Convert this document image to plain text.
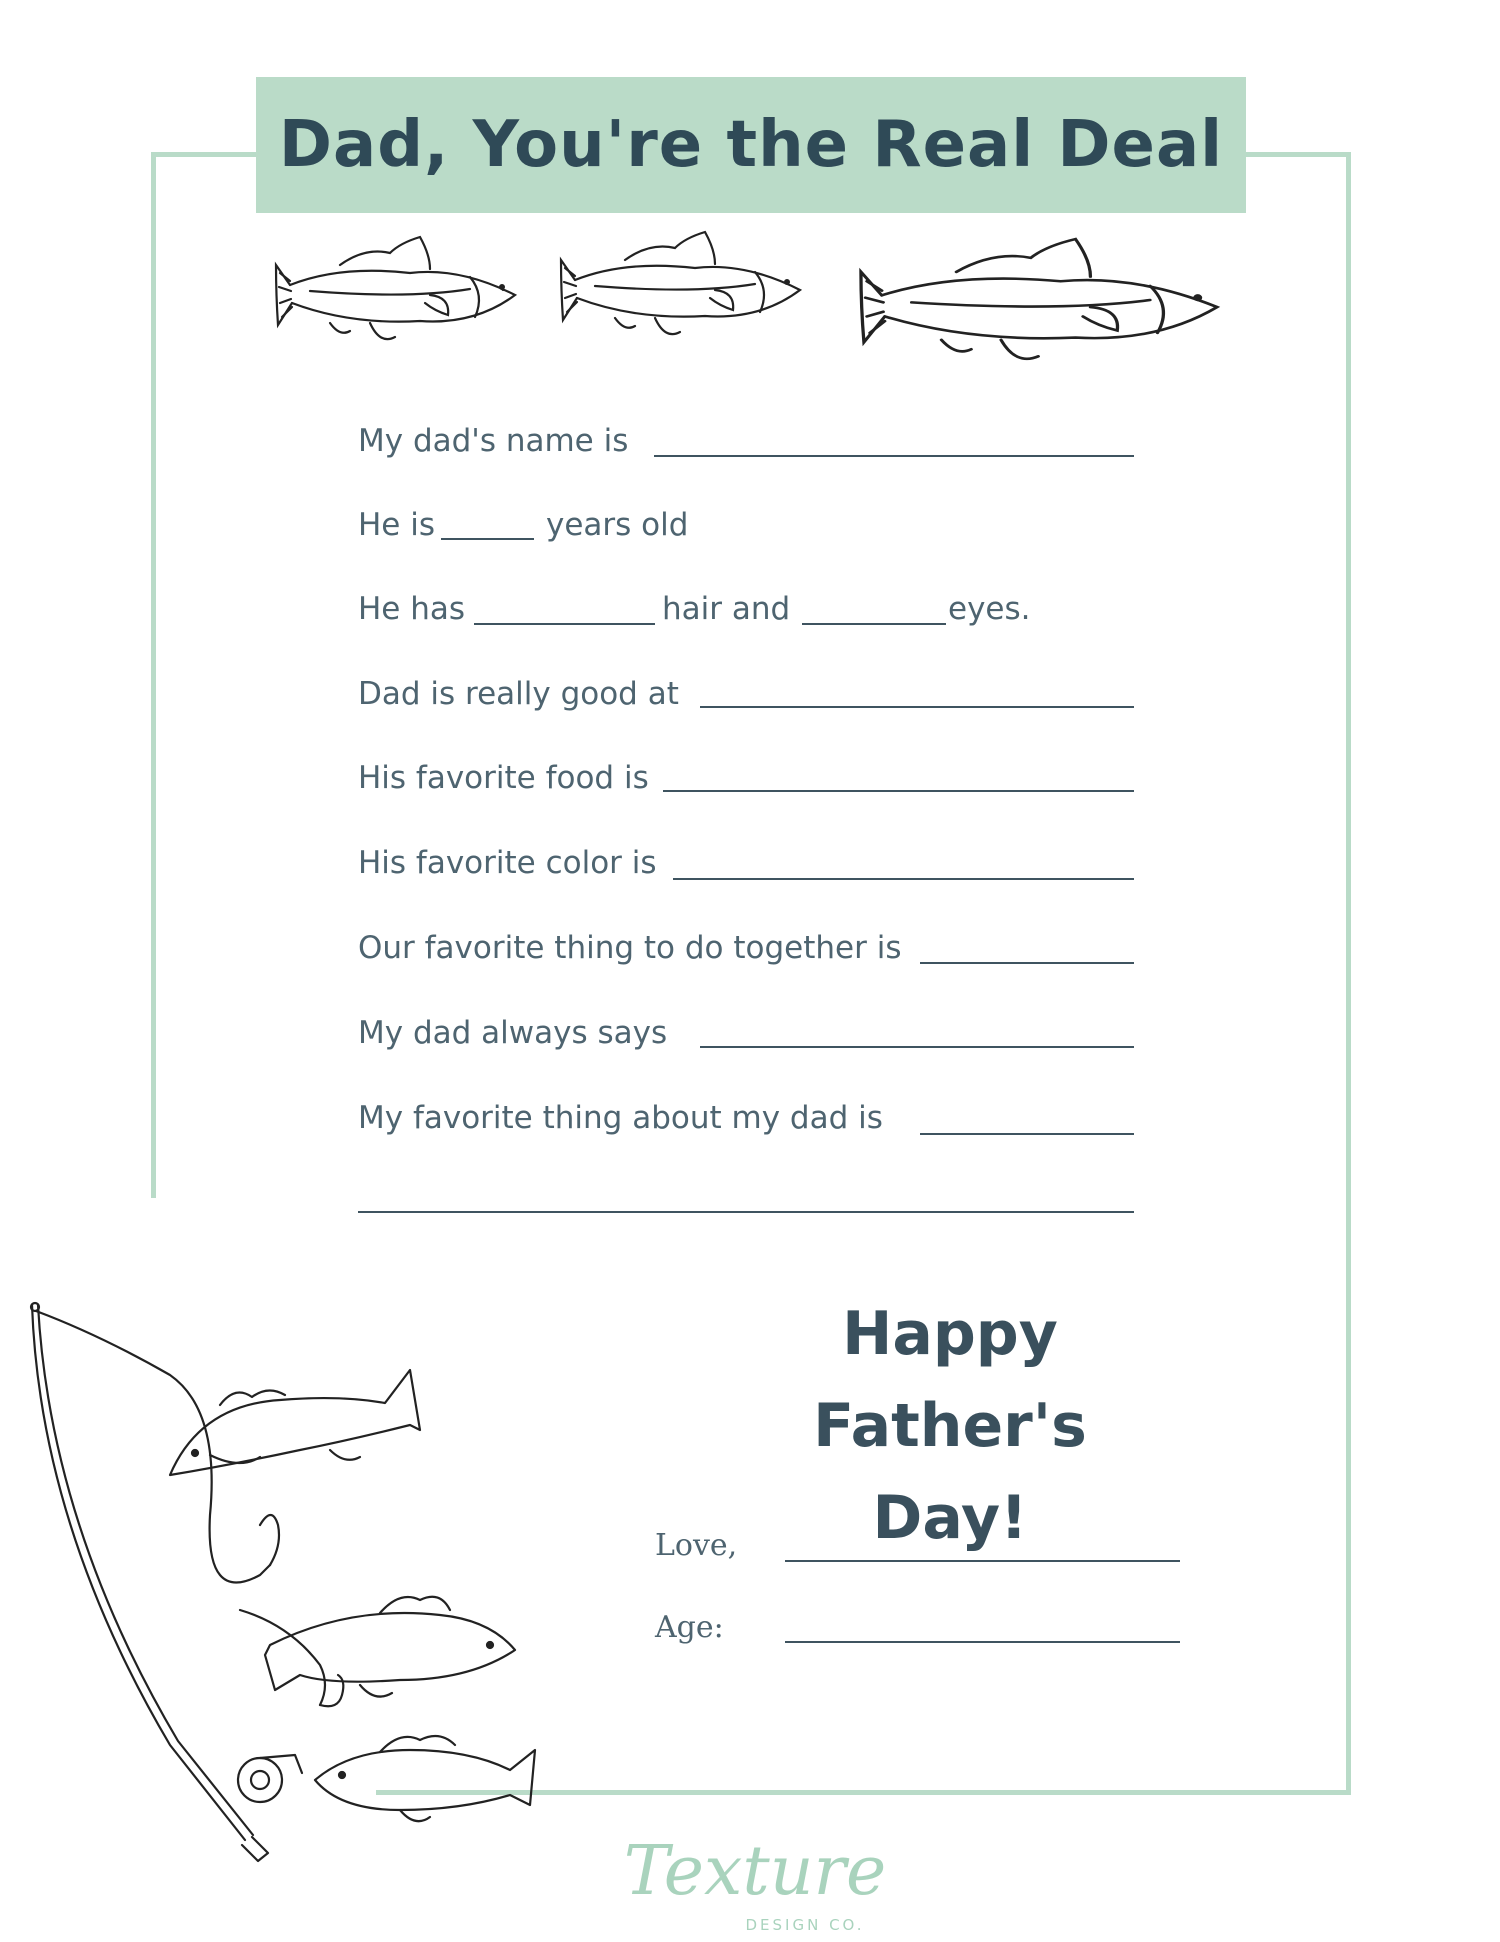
Dad, You're the Real Deal
My dad's name is
He is	years old
He has	hair and	eyes.
Dad is really good at
His favorite food is
His favorite color is
Our favorite thing to do together is
My dad always says
My favorite thing about my dad is
Happy Father's
Day!
Love,
Age:
Texture
DESIGN CO.
